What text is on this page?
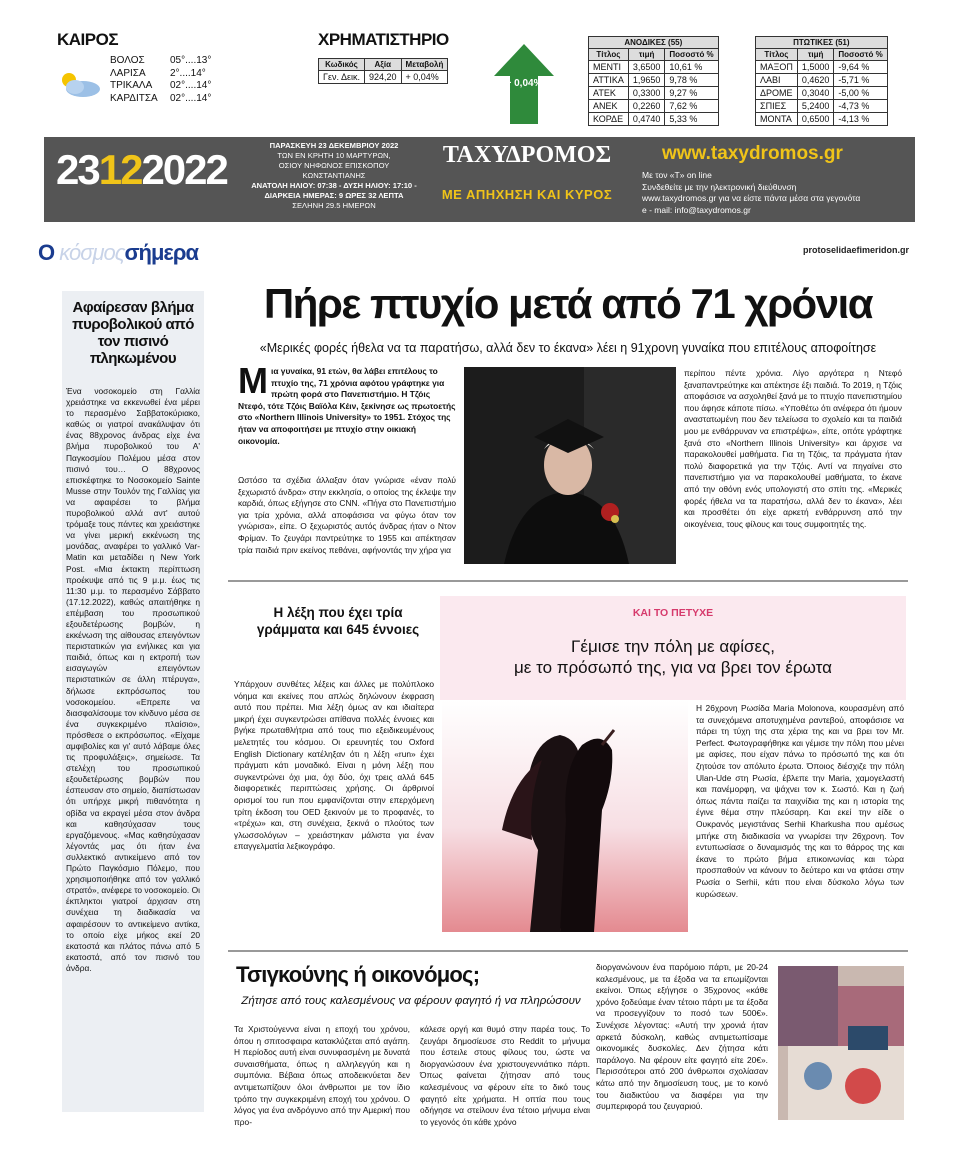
ΚΑΙΡΟΣ
ΒΟΛΟΣ	05°....13°
ΛΑΡΙΣΑ	2°....14°
ΤΡΙΚΑΛΑ 02°....14°
ΚΑΡΔΙΤΣΑ 02°....14°
ΧΡΗΜΑΤΙΣΤΗΡΙΟ
Κωδικός	Αξία	Μεταβολή
Γεν. Δεικ.	924,20	+ 0,04%
+ 0,04%
ΑΝΟΔΙΚΕΣ (55)		
Τίτλος	τιμή	Ποσοστό %
ΜΕΝΤΙ	3,6500	10,61 %
ΑΤΤΙΚΑ	1,9650	9,78 %
ΑΤΕΚ	0,3300	9,27 %
ΑΝΕΚ	0,2260	7,62 %
ΚΟΡΔΕ	0,4740	5,33 %
ΠΤΩΤΙΚΕΣ (51)		
Τίτλος	τιμή	Ποσοστό %
ΜΑΞΟΠ	1,5000	-9,64 %
ΛΑΒΙ	0,4620	-5,71 %
ΔΡΟΜΕ	0,3040	-5,00 %
ΣΠΙΕΣ	5,2400	-4,73 %
ΜΟΝΤΑ	0,6500	-4,13 %
23122022
ΠΑΡΑΣΚΕΥΗ 23 ΔΕΚΕΜΒΡΙΟΥ 2022
ΤΩΝ ΕΝ ΚΡΗΤΗ 10 ΜΑΡΤΥΡΩΝ,
ΟΣΙΟΥ ΝΗΦΩΝΟΣ ΕΠΙΣΚΟΠΟΥ ΚΩΝΣΤΑΝΤΙΑΝΗΣ
ΑΝΑΤΟΛΗ ΗΛΙΟΥ: 07:38 - ΔΥΣΗ ΗΛΙΟΥ: 17:10 -
ΔΙΑΡΚΕΙΑ ΗΜΕΡΑΣ: 9 ΩΡΕΣ 32 ΛΕΠΤΑ
ΣΕΛΗΝΗ 29.5 ΗΜΕΡΩΝ
ΤΑΧΥΔΡΟΜΟΣ
ΜΕ ΑΠΗΧΗΣΗ ΚΑΙ ΚΥΡΟΣ
www.taxydromos.gr
Με τον «Τ» on line
Συνδεθείτε με την ηλεκτρονική διεύθυνση
www.taxydromos.gr για να είστε πάντα μέσα στα γεγονότα
e - mail: info@taxydromos.gr
Ο κόσμοςσήμερα	protoselidaefimeridon.gr
Αφαίρεσαν βλήμα πυροβολικού από τον πισινό πληκωμένου
Ένα νοσοκομείο στη Γαλλία χρειάστηκε να εκκενωθεί ένα μέρει το περασμένο Σαββατοκύριακο, καθώς οι γιατροί ανακάλυψαν ότι ένας 88χρονος άνδρας είχε ένα βλήμα πυροβολικού του Α' Παγκοσμίου Πολέμου μέσα στον πισινό του… Ο 88χρονος επισκέφτηκε το Νοσοκομείο Sainte Musse στην Τουλόν της Γαλλίας για να αφαιρέσει το βλήμα πυροβολικού αλλά αντ' αυτού τρόμαξε τους πάντες και χρειάστηκε να γίνει μερική εκκένωση της μονάδας, αναφέρει το γαλλικό Var-Matin και μεταδίδει η New York Post. «Μια έκτακτη περίπτωση προέκυψε από τις 9 μ.μ. έως τις 11:30 μ.μ. το περασμένο Σάββατο (17.12.2022), καθώς απαιτήθηκε η επέμβαση του προσωπικού εξουδετέρωσης βομβών, η εκκένωση της αίθουσας επειγόντων περιστατικών για ενήλικες και για παιδιά, όπως και η εκτροπή των εισαγωγών επειγόντων περιστατικών σε άλλη πτέρυγα», δήλωσε εκπρόσωπος του νοσοκομείου. «Επρεπε να διασφαλίσουμε τον κίνδυνο μέσα σε ένα συγκεκριμένο πλαίσιο», πρόσθεσε ο εκπρόσωπος. «Είχαμε αμφιβολίες και γι' αυτό λάβαμε όλες τις προφυλάξεις», σημείωσε. Τα στελέχη του προσωπικού εξουδετέρωσης βομβών που έσπευσαν στο σημείο, διαπίστωσαν ότι υπήρχε μικρή πιθανότητα η οβίδα να εκραγεί μέσα στον άνδρα και καθησύχασαν τους εργαζόμενους. «Μας καθησύχασαν λέγοντάς μας ότι ήταν ένα συλλεκτικό αντικείμενο από τον Πρώτο Παγκόσμιο Πόλεμο, που χρησιμοποιήθηκε από τον γαλλικό στρατό», ανέφερε το νοσοκομείο. Οι έκπληκτοι γιατροί άρχισαν στη συνέχεια τη διαδικασία να αφαιρέσουν το αντικείμενο αντίκα, το οποίο είχε μήκος εκεί 20 εκατοστά και πλάτος πάνω από 5 εκατοστά, από τον πισινό του άνδρα.
Πήρε πτυχίο μετά από 71 χρόνια
«Μερικές φορές ήθελα να τα παρατήσω, αλλά δεν το έκανα» λέει η 91χρονη γυναίκα που επιτέλους αποφοίτησε
Μια γυναίκα, 91 ετών, θα λάβει επιτέλους το πτυχίο της, 71 χρόνια αφότου γράφτηκε για πρώτη φορά στο Πανεπιστήμιο. Η Τζόις Ντεφό, τότε Τζόις Βαϊόλα Κέιν, ξεκίνησε ως πρωτοετής στο «Northern Illinois University» το 1951. Στόχος της ήταν να αποφοιτήσει με πτυχίο στην οικιακή οικονομία.
Ωστόσο τα σχέδια άλλαξαν όταν γνώρισε «έναν πολύ ξεχωριστό άνδρα» στην εκκλησία, ο οποίος της έκλεψε την καρδιά, όπως εξήγησε στο CNN. «Πήγα στο Πανεπιστήμιο για τρία χρόνια, αλλά αποφάσισα να φύγω όταν τον γνώρισα», είπε. Ο ξεχωριστός αυτός άνδρας ήταν ο Ντον Φρίμαν. Το ζευγάρι παντρεύτηκε το 1955 και απέκτησαν τρία παιδιά πριν εκείνος πεθάνει, αφήνοντάς την χήρα για
περίπου πέντε χρόνια. Λίγο αργότερα η Ντεφό ξαναπαντρεύτηκε και απέκτησε έξι παιδιά. Το 2019, η Τζόις αποφάσισε να ασχοληθεί ξανά με το πτυχίο πανεπιστημίου που άφησε κάποτε πίσω. «Υποθέτω ότι ανέφερα ότι ήμουν αναστατωμένη που δεν τελείωσα το σχολείο και τα παιδιά μου με ενθάρρυναν να επιστρέψω», είπε, οπότε γράφτηκε ξανά στο «Northern Illinois University» και άρχισε να παρακολουθεί μαθήματα. Για τη Τζόις, τα πράγματα ήταν πολύ διαφορετικά για την Τζόις. Αντί να πηγαίνει στο πανεπιστήμιο για να παρακολουθεί μαθήματα, το έκανε από την οθόνη ενός υπολογιστή στο σπίτι της. «Μερικές φορές ήθελα να τα παρατήσω, αλλά δεν το έκανα», λέει και προσθέτει ότι είχε αρκετή ενθάρρυνση από την οικογένεια, τους φίλους και τους συμφοιτητές της.
Η λέξη που έχει τρία γράμματα και 645 έννοιες
Υπάρχουν συνθέτες λέξεις και άλλες με πολύπλοκο νόημα και εκείνες που απλώς δηλώνουν έκφραση αυτό που πρέπει. Μια λέξη όμως αν και ιδιαίτερα μικρή έχει συγκεντρώσει απίθανα πολλές έννοιες και βγήκε πρωταθλήτρια από τους πιο εξειδικευμένους μελετητές του κόσμου. Οι ερευνητές του Oxford English Dictionary κατέληξαν ότι η λέξη «run» έχει πράγματι κάτι μοναδικό. Είναι η μόνη λέξη που συγκεντρώνει όχι μια, όχι δύο, όχι τρεις αλλά 645 διαφορετικές περιπτώσεις χρήσης. Οι άρθρινοί ορισμοί του run που εμφανίζονται στην επερχόμενη τρίτη έκδοση του OED ξεκινούν με το προφανές, το «τρέχω» και, στη συνέχεια, ξεκινά ο πλούτος των γλωσσολόγων – χρειάστηκαν μάλιστα για έναν επαγγελματία λεξικογράφο.
ΚΑΙ ΤΟ ΠΕΤΥΧΕ
Γέμισε την πόλη με αφίσες,
με το πρόσωπό της, για να βρει τον έρωτα
Η 26χρονη Ρωσίδα Maria Molonova, κουρασμένη από τα συνεχόμενα αποτυχημένα ραντεβού, αποφάσισε να πάρει τη τύχη της στα χέρια της και να βρει τον Mr. Perfect. Φωτογραφήθηκε και γέμισε την πόλη που μένει με αφίσες, που είχαν πάνω το πρόσωπό της και ότι ζητούσε τον απόλυτο έρωτα. Όποιος διέσχιζε την πόλη Ulan-Ude στη Ρωσία, έβλεπε την Maria, χαμογελαστή και πανέμορφη, να ψάχνει τον κ. Σωστό. Και η ζωή όπως πάντα παίζει τα παιχνίδια της και η ιστορία της έγινε θέμα στην πλεύσαρη. Και εκεί την είδε ο Ουκρανός μεγιστάνας Serhii Kharkusha που αμέσως μπήκε στη διαδικασία να γνωρίσει την 26χρονη. Τον εντυπωσίασε ο δυναμισμός της και το θάρρος της και έκανε το πρώτο βήμα επικοινωνίας και τώρα προσπαθούν να κάνουν το δεύτερο και να φτάσει στην Ρωσία ο Serhii, κάτι που είναι δύσκολο λόγω των κυρώσεων.
Τσιγκούνης ή οικονόμος;
Ζήτησε από τους καλεσμένους να φέρουν φαγητό ή να πληρώσουν
Τα Χριστούγεννα είναι η εποχή του χρόνου, όπου η σπιτοσφαιρα κατακλύζεται από αγάπη. Η περίοδος αυτή είναι συνυφασμένη με δυνατά συναισθήματα, όπως η αλληλεγγύη και η συμπόνια. Βέβαια όπως αποδεικνύεται δεν αντιμετωπίζουν όλοι άνθρωποι με τον ίδιο τρόπο την συγκεκριμένη εποχή του χρόνου. Ο λόγος για ένα ανδρόγυνο από την Αμερική που προ-
κάλεσε οργή και θυμό στην παρέα τους. Το ζευγάρι δημοσίευσε στο Reddit το μήνυμα που έστειλε στους φίλους του, ώστε να διοργανώσουν ένα χριστουγεννιάτικο πάρτι. Όπως φαίνεται ζήτησαν από τους καλεσμένους να φέρουν είτε το δικό τους φαγητό είτε χρήματα. Η οπτία που τους οδήγησε να στείλουν ένα τέτοιο μήνυμα είναι το γεγονός ότι κάθε χρόνο
διοργανώνουν ένα παρόμοιο πάρτι, με 20-24 καλεσμένους, με τα έξοδα να τα επωμίζονται εκείνοι. Όπως εξήγησε ο 35χρονος «κάθε χρόνο ξοδεύαμε έναν τέτοιο πάρτι με τα έξοδα να προσεγγίζουν το ποσό των 500€». Συνέχισε λέγοντας: «Αυτή την χρονιά ήταν αρκετά δύσκολη, καθώς αντιμετωπίσαμε οικονομικές δυσκολίες. Δεν ζήτησα κάτι παράλογο. Να φέρουν είτε φαγητό είτε 20€». Περισσότεροι από 200 άνθρωποι σχολίασαν κάτω από την δημοσίευση τους, με το κοινό του διαδικτύου να διαφέρει για την συμπεριφορά του ζευγαριού.
